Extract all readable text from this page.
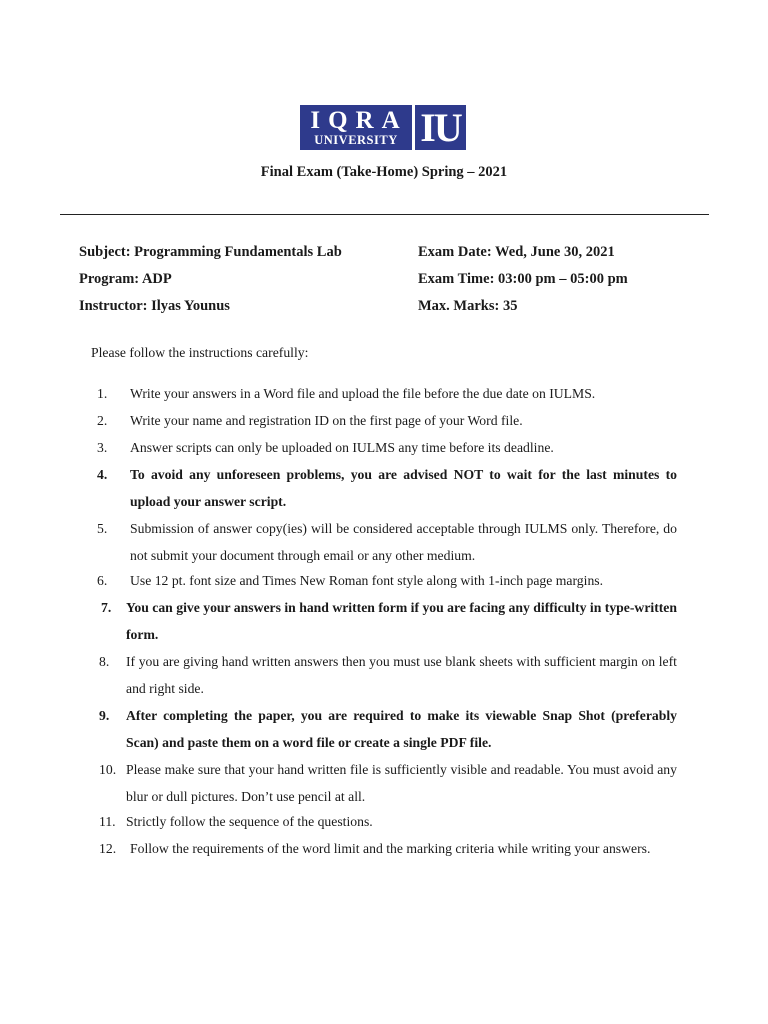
IQRA
UNIVERSITY IU
Final Exam (Take-Home) Spring – 2021
Subject: Programming Fundamentals Lab
Program: ADP
Instructor: Ilyas Younus
Exam Date: Wed, June 30, 2021
Exam Time: 03:00 pm – 05:00 pm
Max. Marks: 35
Please follow the instructions carefully:
1. Write your answers in a Word file and upload the file before the due date on IULMS.
2. Write your name and registration ID on the first page of your Word file.
3. Answer scripts can only be uploaded on IULMS any time before its deadline.
4. To avoid any unforeseen problems, you are advised NOT to wait for the last minutes to upload your answer script.
5. Submission of answer copy(ies) will be considered acceptable through IULMS only. Therefore, do not submit your document through email or any other medium.
6. Use 12 pt. font size and Times New Roman font style along with 1-inch page margins.
7. You can give your answers in hand written form if you are facing any difficulty in type-written form.
8. If you are giving hand written answers then you must use blank sheets with sufficient margin on left and right side.
9. After completing the paper, you are required to make its viewable Snap Shot (preferably Scan) and paste them on a word file or create a single PDF file.
10. Please make sure that your hand written file is sufficiently visible and readable. You must avoid any blur or dull pictures. Don’t use pencil at all.
11. Strictly follow the sequence of the questions.
12. Follow the requirements of the word limit and the marking criteria while writing your answers.
